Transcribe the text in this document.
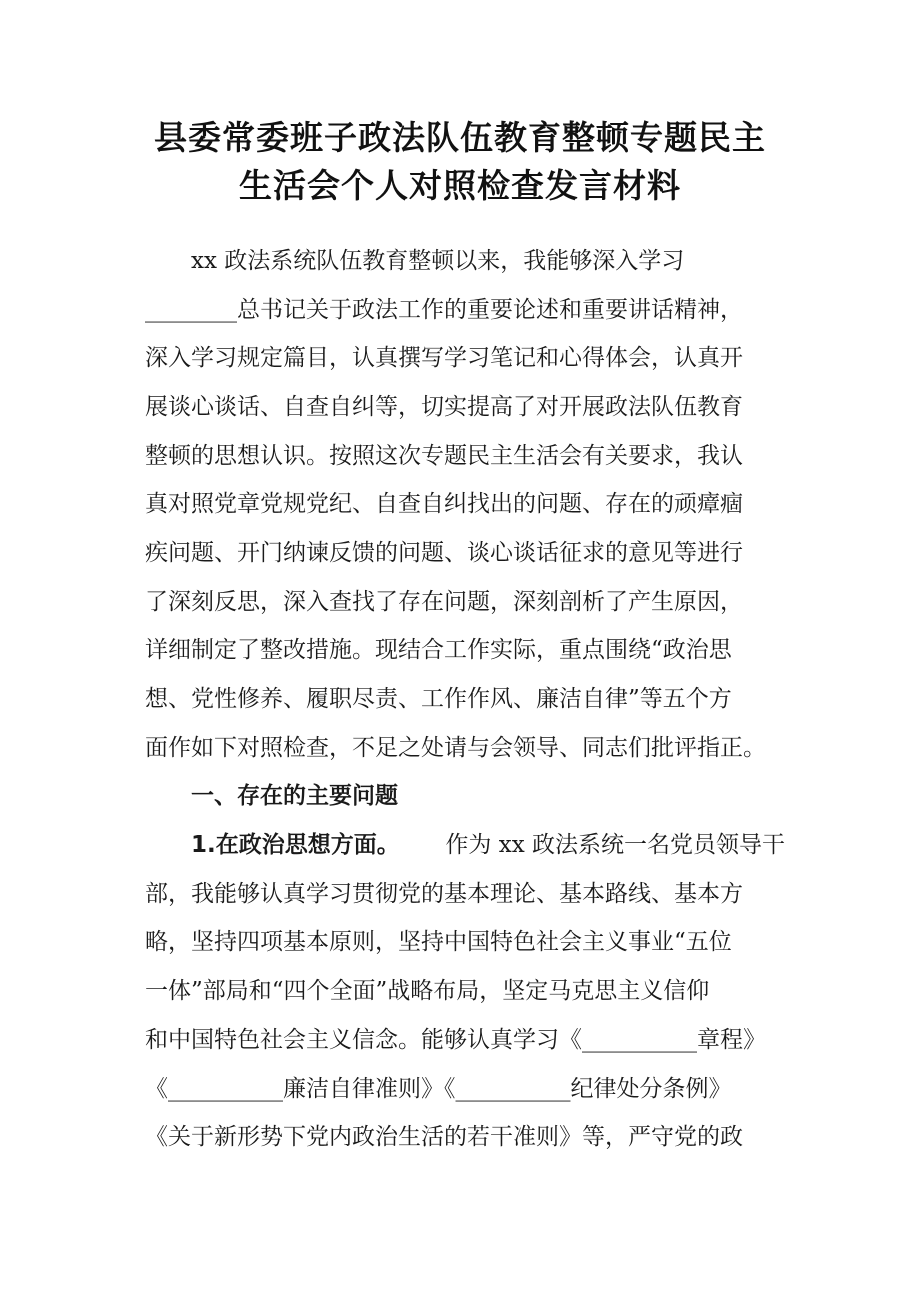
县委常委班子政法队伍教育整顿专题民主
生活会个人对照检查发言材料
xx 政法系统队伍教育整顿以来，我能够深入学习
________总书记关于政法工作的重要论述和重要讲话精神，
深入学习规定篇目，认真撰写学习笔记和心得体会，认真开
展谈心谈话、自查自纠等，切实提高了对开展政法队伍教育
整顿的思想认识。按照这次专题民主生活会有关要求，我认
真对照党章党规党纪、自查自纠找出的问题、存在的顽瘴痼
疾问题、开门纳谏反馈的问题、谈心谈话征求的意见等进行
了深刻反思，深入查找了存在问题，深刻剖析了产生原因，
详细制定了整改措施。现结合工作实际，重点围绕“政治思
想、党性修养、履职尽责、工作作风、廉洁自律”等五个方
面作如下对照检查，不足之处请与会领导、同志们批评指正。
一、存在的主要问题
1.在政治思想方面。 作为 xx 政法系统一名党员领导干
部，我能够认真学习贯彻党的基本理论、基本路线、基本方
略，坚持四项基本原则，坚持中国特色社会主义事业“五位
一体”部局和“四个全面”战略布局，坚定马克思主义信仰
和中国特色社会主义信念。能够认真学习《__________章程》
《__________廉洁自律准则》《__________纪律处分条例》
《关于新形势下党内政治生活的若干准则》等，严守党的政
